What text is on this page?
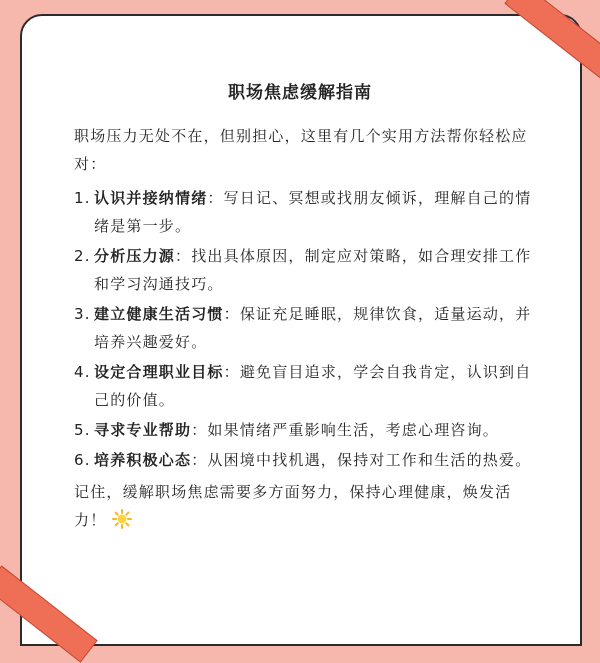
职场焦虑缓解指南

职场压力无处不在，但别担心，这里有几个实用方法帮你轻松应对：

1. 认识并接纳情绪：写日记、冥想或找朋友倾诉，理解自己的情绪是第一步。
2. 分析压力源：找出具体原因，制定应对策略，如合理安排工作和学习沟通技巧。
3. 建立健康生活习惯：保证充足睡眠，规律饮食，适量运动，并培养兴趣爱好。
4. 设定合理职业目标：避免盲目追求，学会自我肯定，认识到自己的价值。
5. 寻求专业帮助：如果情绪严重影响生活，考虑心理咨询。
6. 培养积极心态：从困境中找机遇，保持对工作和生活的热爱。

记住，缓解职场焦虑需要多方面努力，保持心理健康，焕发活力！
